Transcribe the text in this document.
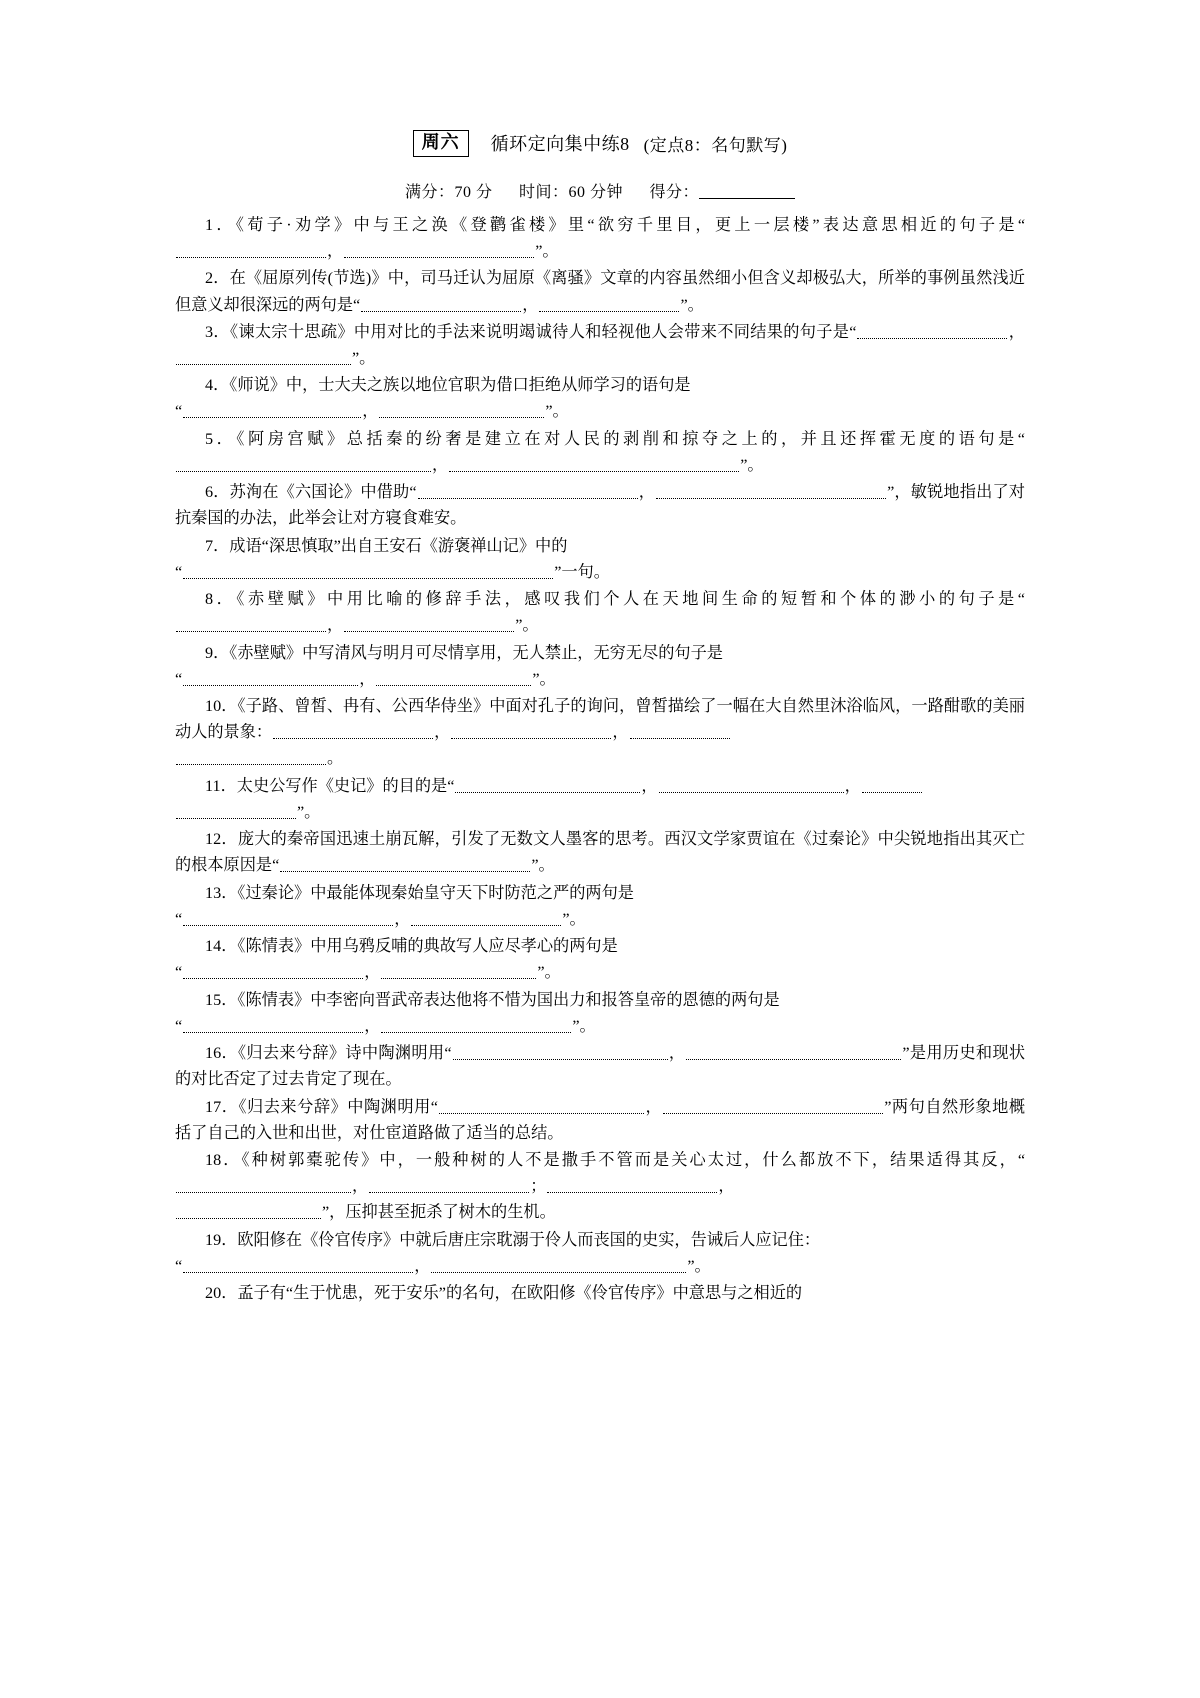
周六	循环定向集中练8 (定点8：名句默写)
满分：70 分 时间：60 分钟 得分：

1．《荀子·劝学》中与王之涣《登鹳雀楼》里“欲穷千里目，更上一层楼”表达意思相近的句子是“，	”。

2．在《屈原列传(节选)》中，司马迁认为屈原《离骚》文章的内容虽然细小但含义却极弘大，所举的事例虽然浅近但意义却很深远的两句是“	，	”。

3．《谏太宗十思疏》中用对比的手法来说明竭诚待人和轻视他人会带来不同结果的句子是“	，”。

4．《师说》中，士大夫之族以地位官职为借口拒绝从师学习的语句是
“	，	”。

5．《阿房宫赋》总括秦的纷奢是建立在对人民的剥削和掠夺之上的，并且还挥霍无度的语句是“，	”。

6．苏洵在《六国论》中借助“	，	”，敏锐地指出了对抗秦国的办法，此举会让对方寝食难安。

7．成语“深思慎取”出自王安石《游褒禅山记》中的
“	”一句。

8．《赤壁赋》中用比喻的修辞手法，感叹我们个人在天地间生命的短暂和个体的渺小的句子是“，	”。

9．《赤壁赋》中写清风与明月可尽情享用，无人禁止，无穷无尽的句子是
“	，	”。

10．《子路、曾皙、冉有、公西华侍坐》中面对孔子的询问，曾皙描绘了一幅在大自然里沐浴临风，一路酣歌的美丽动人的景象：	，	，
。

11．太史公写作《史记》的目的是“	，	，
”。

12．庞大的秦帝国迅速土崩瓦解，引发了无数文人墨客的思考。西汉文学家贾谊在《过秦论》中尖锐地指出其灭亡的根本原因是“	”。

13．《过秦论》中最能体现秦始皇守天下时防范之严的两句是
“	，	”。

14．《陈情表》中用乌鸦反哺的典故写人应尽孝心的两句是
“	，	”。

15．《陈情表》中李密向晋武帝表达他将不惜为国出力和报答皇帝的恩德的两句是
“	，	”。

16．《归去来兮辞》诗中陶渊明用“	，	”是用历史和现状的对比否定了过去肯定了现在。

17．《归去来兮辞》中陶渊明用“	，	”两句自然形象地概括了自己的入世和出世，对仕宦道路做了适当的总结。

18．《种树郭橐驼传》中，一般种树的人不是撒手不管而是关心太过，什么都放不下，结果适得其反，“，	；	，
”，压抑甚至扼杀了树木的生机。

19．欧阳修在《伶官传序》中就后唐庄宗耽溺于伶人而丧国的史实，告诫后人应记住：
“	，	”。

20．孟子有“生于忧患，死于安乐”的名句，在欧阳修《伶官传序》中意思与之相近的
